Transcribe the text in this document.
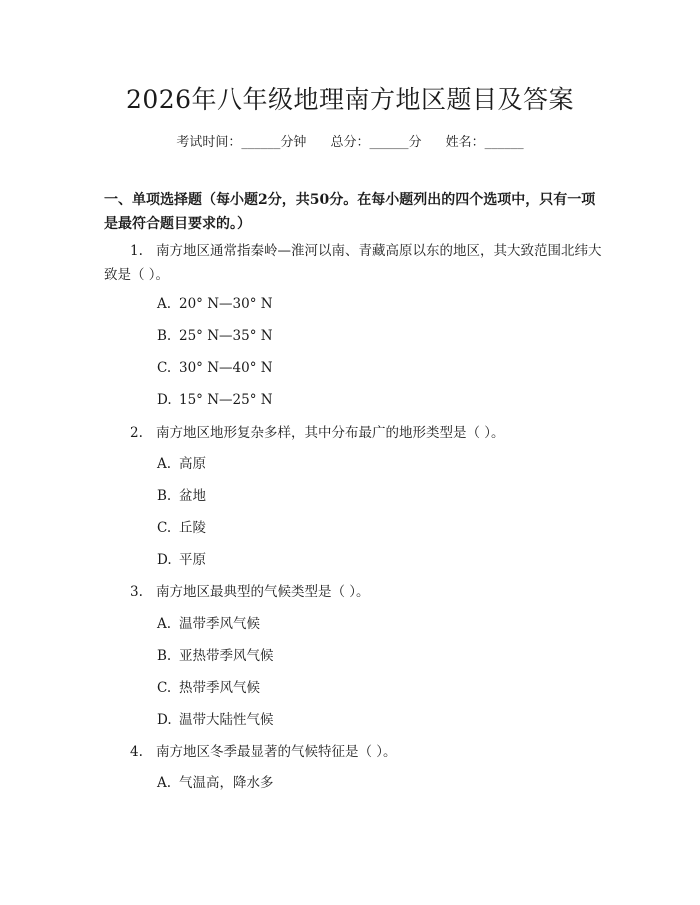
2026年八年级地理南方地区题目及答案
考试时间：______分钟 总分：______分 姓名：______
一、单项选择题（每小题2分，共50分。在每小题列出的四个选项中，只有一项是最符合题目要求的。）
1. 南方地区通常指秦岭—淮河以南、青藏高原以东的地区，其大致范围北纬大致是（ ）。
A. 20° N—30° N
B. 25° N—35° N
C. 30° N—40° N
D. 15° N—25° N
2. 南方地区地形复杂多样，其中分布最广的地形类型是（ ）。
A. 高原
B. 盆地
C. 丘陵
D. 平原
3. 南方地区最典型的气候类型是（ ）。
A. 温带季风气候
B. 亚热带季风气候
C. 热带季风气候
D. 温带大陆性气候
4. 南方地区冬季最显著的气候特征是（ ）。
A. 气温高，降水多
